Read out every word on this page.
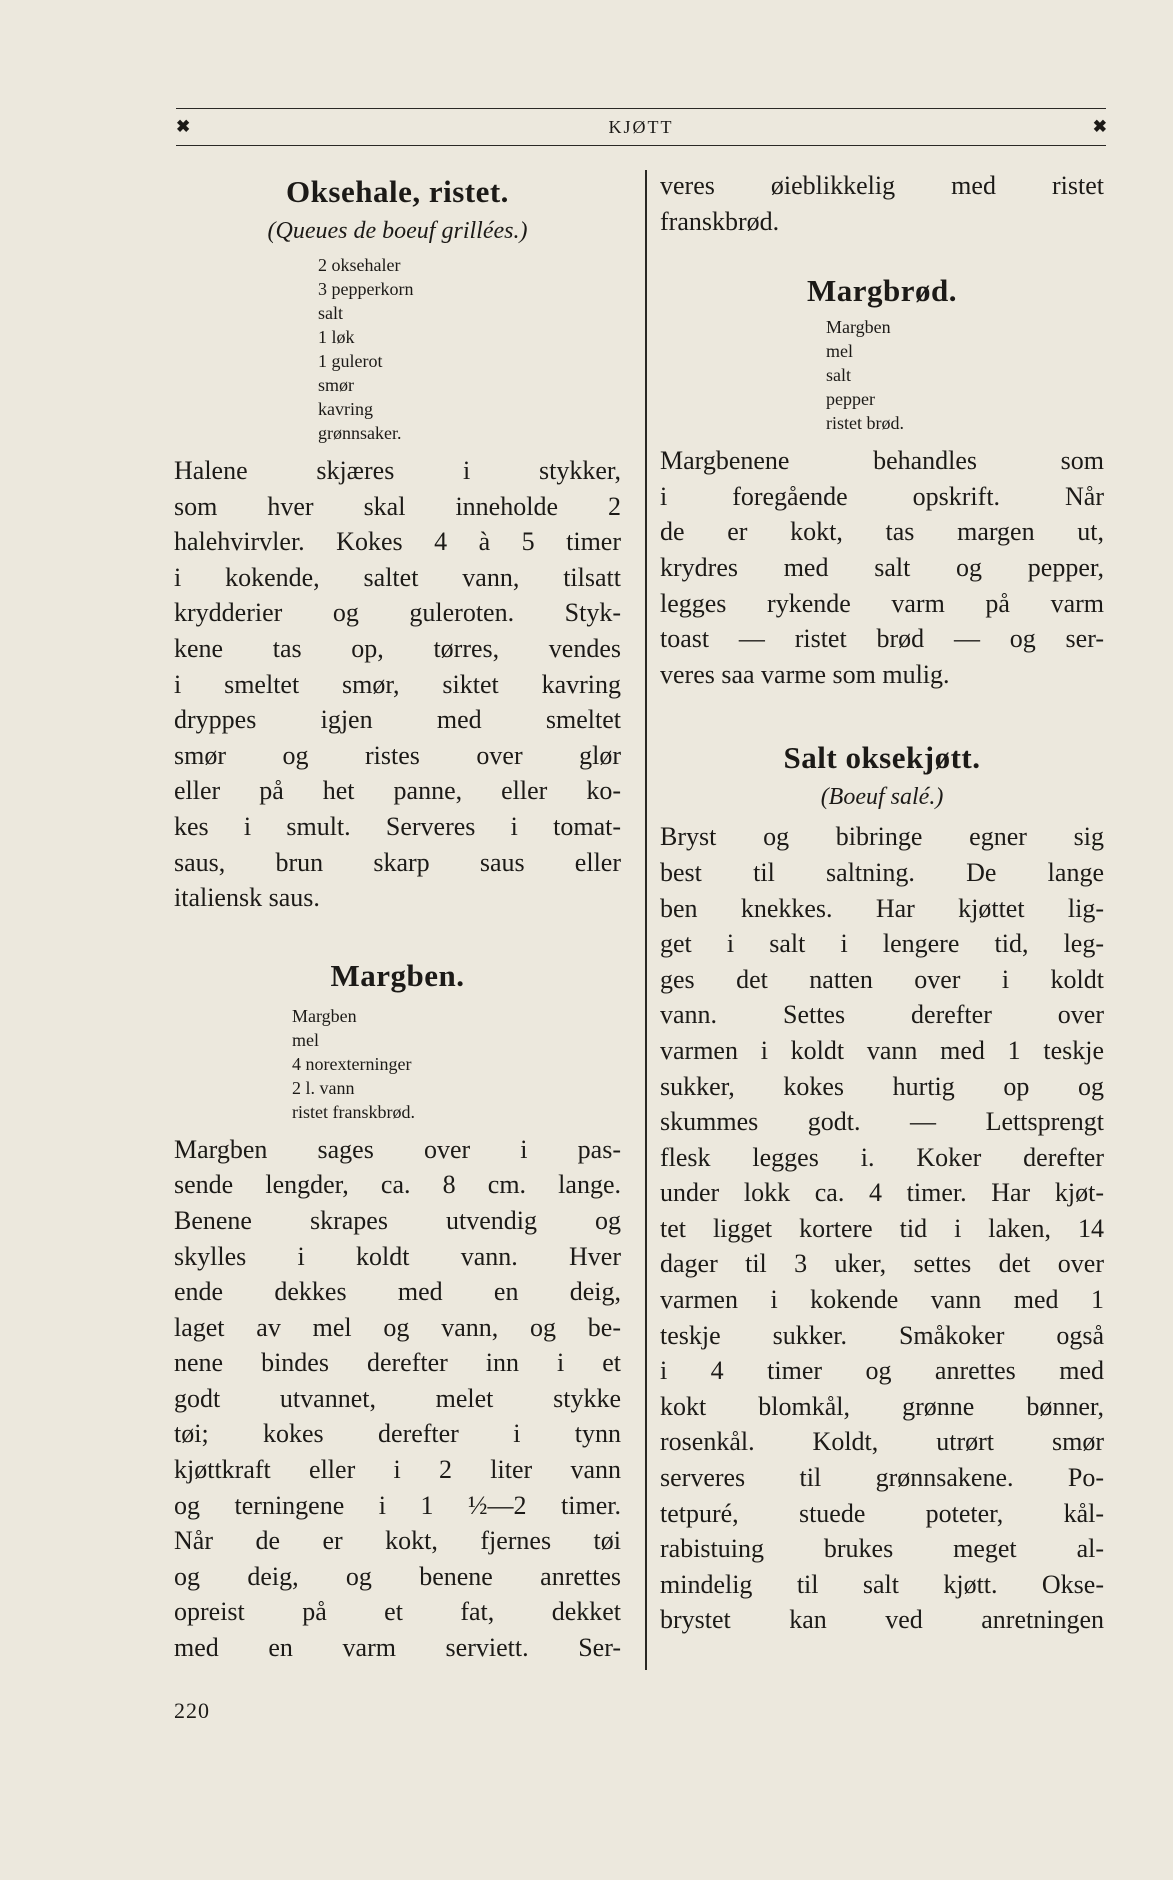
✖	KJØTT	✖
Oksehale, ristet.
(Queues de boeuf grillées.)
2 oksehaler
3 pepperkorn
salt
1 løk
1 gulerot
smør
kavring
grønnsaker.
Halene skjæres i stykker,
som hver skal inneholde 2
halehvirvler. Kokes 4 à 5 timer
i kokende, saltet vann, tilsatt
krydderier og guleroten. Styk-
kene tas op, tørres, vendes
i smeltet smør, siktet kavring
dryppes igjen med smeltet
smør og ristes over glør
eller på het panne, eller ko-
kes i smult. Serveres i tomat-
saus, brun skarp saus eller
italiensk saus.
Margben.
Margben
mel
4 norexterninger
2 l. vann
ristet franskbrød.
Margben sages over i pas-
sende lengder, ca. 8 cm. lange.
Benene skrapes utvendig og
skylles i koldt vann. Hver
ende dekkes med en deig,
laget av mel og vann, og be-
nene bindes derefter inn i et
godt utvannet, melet stykke
tøi; kokes derefter i tynn
kjøttkraft eller i 2 liter vann
og terningene i 1 ½—2 timer.
Når de er kokt, fjernes tøi
og deig, og benene anrettes
opreist på et fat, dekket
med en varm serviett. Ser-
veres øieblikkelig med ristet
franskbrød.
Margbrød.
Margben
mel
salt
pepper
ristet brød.
Margbenene behandles som
i foregående opskrift. Når
de er kokt, tas margen ut,
krydres med salt og pepper,
legges rykende varm på varm
toast — ristet brød — og ser-
veres saa varme som mulig.
Salt oksekjøtt.
(Boeuf salé.)
Bryst og bibringe egner sig
best til saltning. De lange
ben knekkes. Har kjøttet lig-
get i salt i lengere tid, leg-
ges det natten over i koldt
vann. Settes derefter over
varmen i koldt vann med 1 teskje
sukker, kokes hurtig op og
skummes godt. — Lettsprengt
flesk legges i. Koker derefter
under lokk ca. 4 timer. Har kjøt-
tet ligget kortere tid i laken, 14
dager til 3 uker, settes det over
varmen i kokende vann med 1
teskje sukker. Småkoker også
i 4 timer og anrettes med
kokt blomkål, grønne bønner,
rosenkål. Koldt, utrørt smør
serveres til grønnsakene. Po-
tetpuré, stuede poteter, kål-
rabistuing brukes meget al-
mindelig til salt kjøtt. Okse-
brystet kan ved anretningen
220
